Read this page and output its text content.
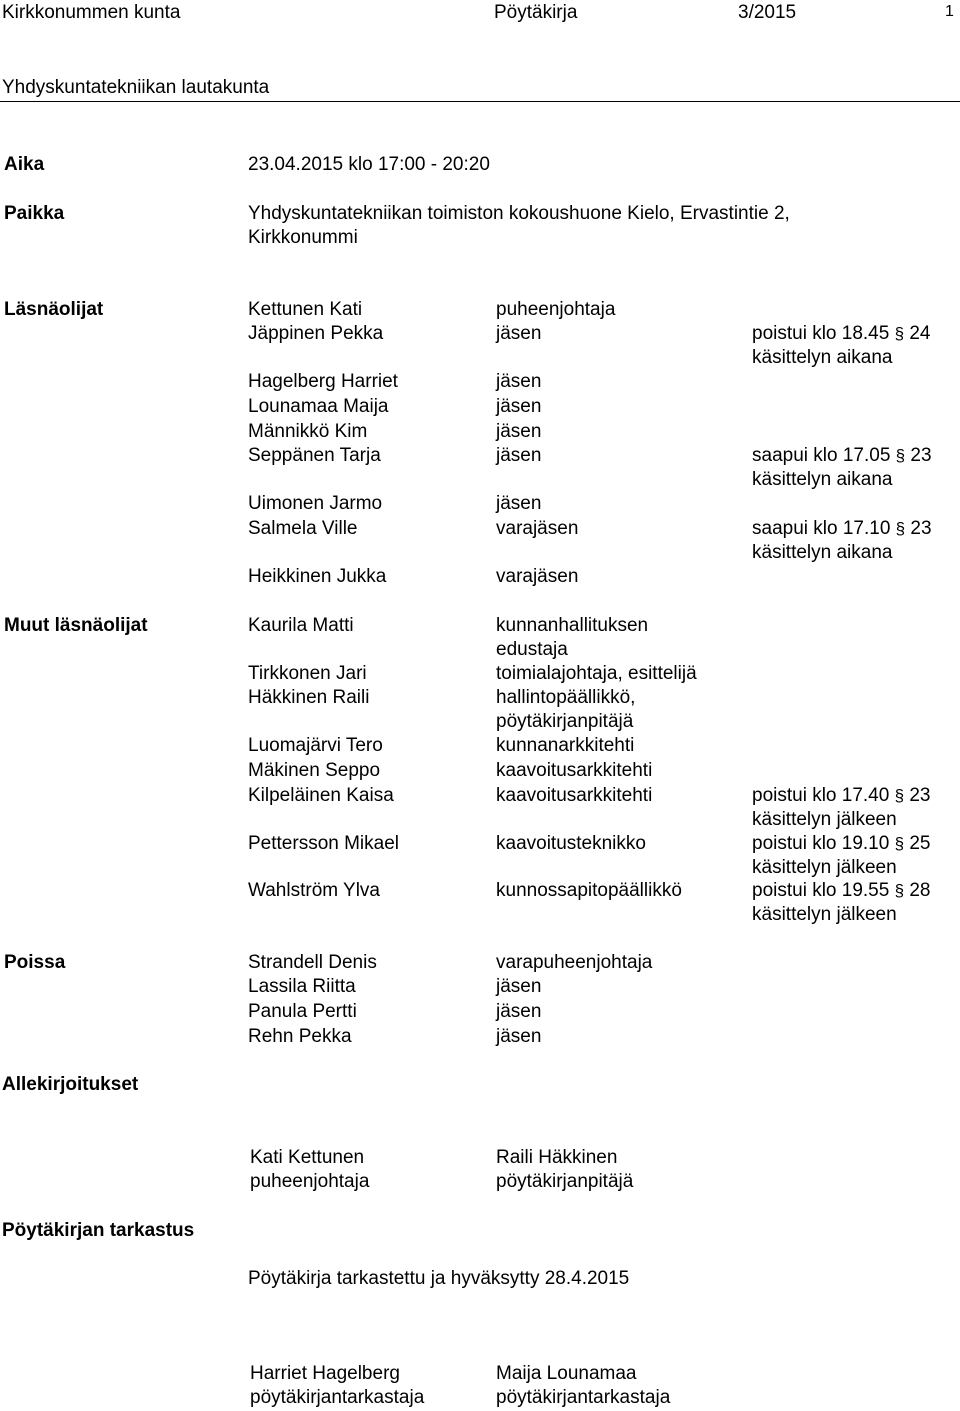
Kirkkonummen kunta	Pöytäkirja	3/2015	1
Yhdyskuntatekniikan lautakunta
Aika	23.04.2015 klo 17:00 - 20:20
Paikka	Yhdyskuntatekniikan toimiston kokoushuone Kielo, Ervastintie 2,
Kirkkonummi
Läsnäolijat	Kettunen Kati	puheenjohtaja
Jäppinen Pekka	jäsen	poistui klo 18.45 § 24
käsittelyn aikana
Hagelberg Harriet	jäsen
Lounamaa Maija	jäsen
Männikkö Kim	jäsen
Seppänen Tarja	jäsen	saapui klo 17.05 § 23
käsittelyn aikana
Uimonen Jarmo	jäsen
Salmela Ville	varajäsen	saapui klo 17.10 § 23
käsittelyn aikana
Heikkinen Jukka	varajäsen
Muut läsnäolijat	Kaurila Matti	kunnanhallituksen
edustaja
Tirkkonen Jari	toimialajohtaja, esittelijä
Häkkinen Raili	hallintopäällikkö,
pöytäkirjanpitäjä
Luomajärvi Tero	kunnanarkkitehti
Mäkinen Seppo	kaavoitusarkkitehti
Kilpeläinen Kaisa	kaavoitusarkkitehti	poistui klo 17.40 § 23
käsittelyn jälkeen
Pettersson Mikael	kaavoitusteknikko	poistui klo 19.10 § 25
käsittelyn jälkeen
Wahlström Ylva	kunnossapitopäällikkö	poistui klo 19.55 § 28
käsittelyn jälkeen
Poissa	Strandell Denis	varapuheenjohtaja
Lassila Riitta	jäsen
Panula Pertti	jäsen
Rehn Pekka	jäsen
Allekirjoitukset
Kati Kettunen
puheenjohtaja
Raili Häkkinen
pöytäkirjanpitäjä
Pöytäkirjan tarkastus
Pöytäkirja tarkastettu ja hyväksytty 28.4.2015
Harriet Hagelberg
pöytäkirjantarkastaja
Maija Lounamaa
pöytäkirjantarkastaja
